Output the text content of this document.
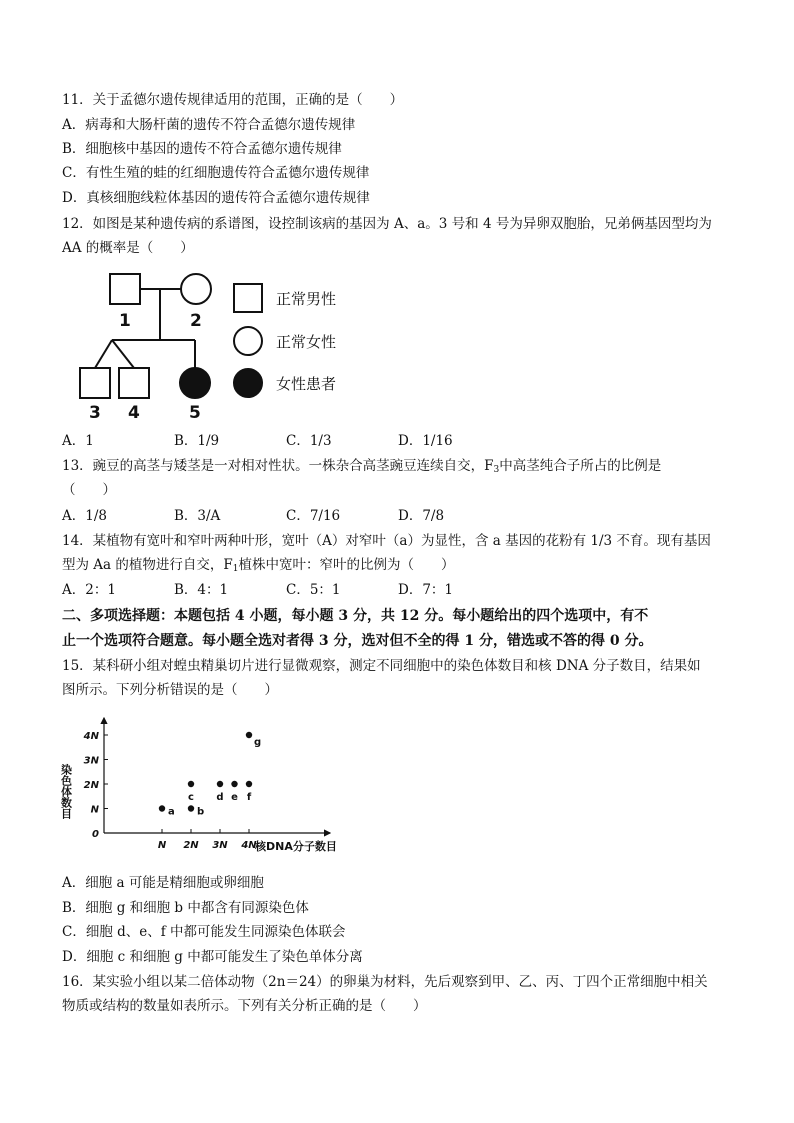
11．关于孟德尔遗传规律适用的范围，正确的是（　　）
A．病毒和大肠杆菌的遗传不符合孟德尔遗传规律
B．细胞核中基因的遗传不符合孟德尔遗传规律
C．有性生殖的蛙的红细胞遗传符合孟德尔遗传规律
D．真核细胞线粒体基因的遗传符合孟德尔遗传规律
12．如图是某种遗传病的系谱图，设控制该病的基因为 A、a。3 号和 4 号为异卵双胞胎，兄弟俩基因型均为
AA 的概率是（　　）
1	2
3 4	5
正常男性
正常女性
女性患者
A．1	B．1/9	C．1/3	D．1/16
13．豌豆的高茎与矮茎是一对相对性状。一株杂合高茎豌豆连续自交，$F_3$中高茎纯合子所占的比例是
（　　）
A．1/8	B．3/A	C．7/16	D．7/8
14．某植物有宽叶和窄叶两种叶形，宽叶（A）对窄叶（a）为显性，含 a 基因的花粉有 1/3 不育。现有基因
型为 Aa 的植物进行自交，$F_1$植株中宽叶：窄叶的比例为（　　）
A．2：1	B．4：1	C．5：1	D．7：1
二、多项选择题：本题包括 4 小题，每小题 3 分，共 12 分。每小题给出的四个选项中，有不
止一个选项符合题意。每小题全选对者得 3 分，选对但不全的得 1 分，错选或不答的得 0 分。
15．某科研小组对蝗虫精巢切片进行显微观察，测定不同细胞中的染色体数目和核 DNA 分子数目，结果如
图所示。下列分析错误的是（　　）
N 2N 3N 4N
0
N
2N
3N
4N
a b
c d e f
g
染色体数目
核DNA分子数目
A．细胞 a 可能是精细胞或卵细胞
B．细胞 g 和细胞 b 中都含有同源染色体
C．细胞 d、e、f 中都可能发生同源染色体联会
D．细胞 c 和细胞 g 中都可能发生了染色单体分离
16．某实验小组以某二倍体动物（2n＝24）的卵巢为材料，先后观察到甲、乙、丙、丁四个正常细胞中相关
物质或结构的数量如表所示。下列有关分析正确的是（　　）
